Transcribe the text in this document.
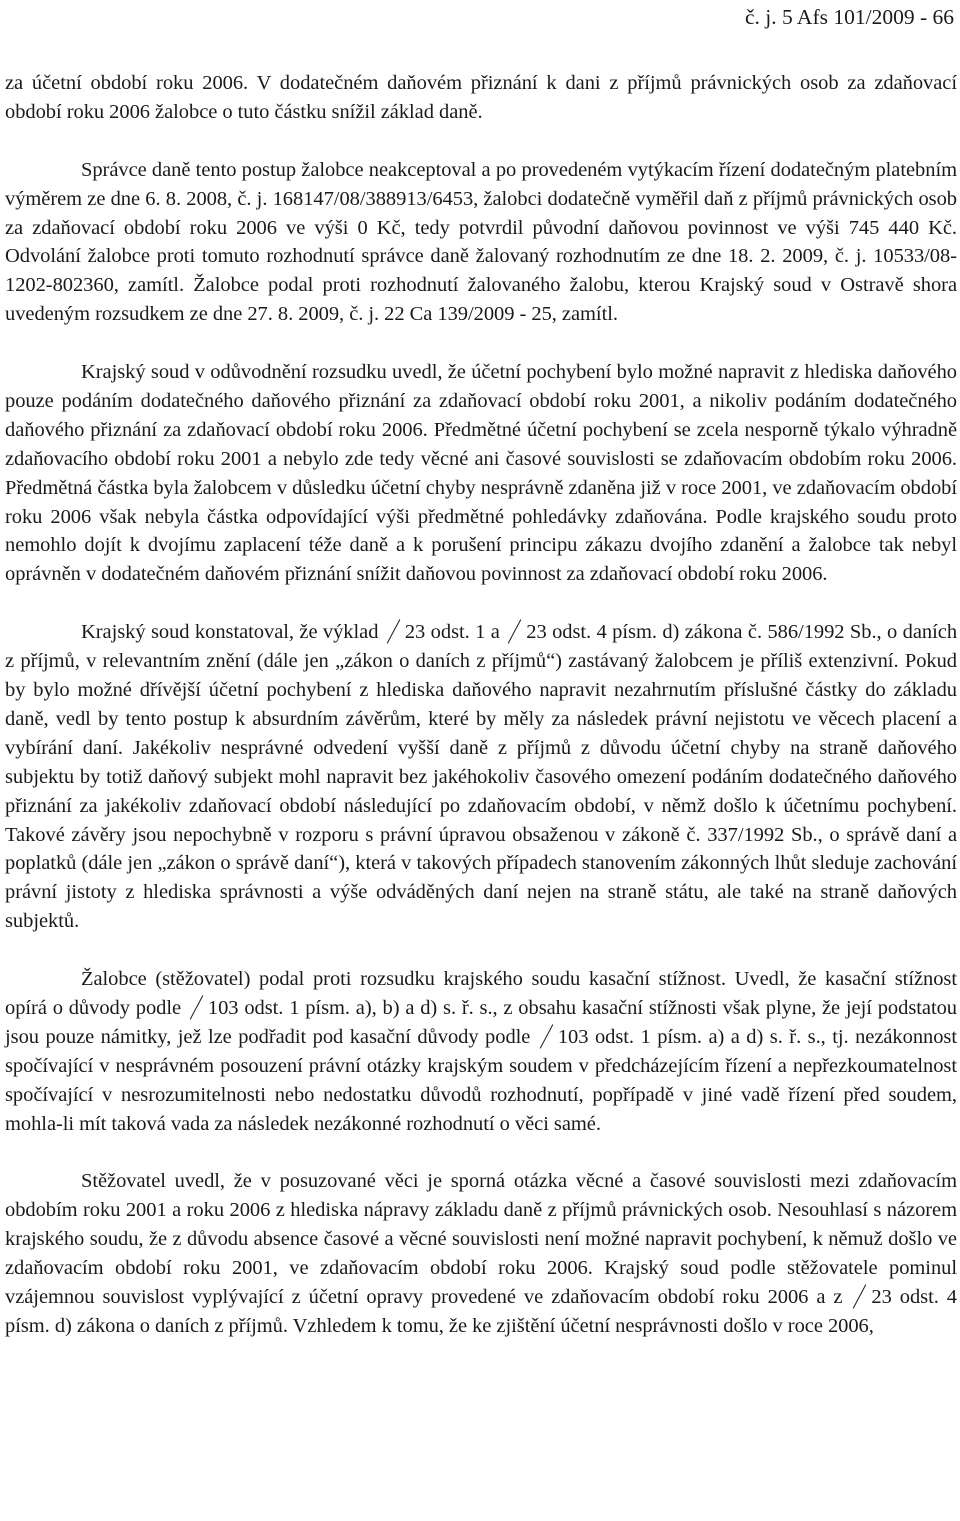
č. j. 5 Afs 101/2009 - 66

za účetní období roku 2006. V dodatečném daňovém přiznání k dani z příjmů právnických osob za zdaňovací období roku 2006 žalobce o tuto částku snížil základ daně.

Správce daně tento postup žalobce neakceptoval a po provedeném vytýkacím řízení dodatečným platebním výměrem ze dne 6. 8. 2008, č. j. 168147/08/388913/6453, žalobci dodatečně vyměřil daň z příjmů právnických osob za zdaňovací období roku 2006 ve výši 0 Kč, tedy potvrdil původní daňovou povinnost ve výši 745 440 Kč. Odvolání žalobce proti tomuto rozhodnutí správce daně žalovaný rozhodnutím ze dne 18. 2. 2009, č. j. 10533/08-1202-802360, zamítl. Žalobce podal proti rozhodnutí žalovaného žalobu, kterou Krajský soud v Ostravě shora uvedeným rozsudkem ze dne 27. 8. 2009, č. j. 22 Ca 139/2009 - 25, zamítl.

Krajský soud v odůvodnění rozsudku uvedl, že účetní pochybení bylo možné napravit z hlediska daňového pouze podáním dodatečného daňového přiznání za zdaňovací období roku 2001, a nikoliv podáním dodatečného daňového přiznání za zdaňovací období roku 2006. Předmětné účetní pochybení se zcela nesporně týkalo výhradně zdaňovacího období roku 2001 a nebylo zde tedy věcné ani časové souvislosti se zdaňovacím obdobím roku 2006. Předmětná částka byla žalobcem v důsledku účetní chyby nesprávně zdaněna již v roce 2001, ve zdaňovacím období roku 2006 však nebyla částka odpovídající výši předmětné pohledávky zdaňována. Podle krajského soudu proto nemohlo dojít k dvojímu zaplacení téže daně a k porušení principu zákazu dvojího zdanění a žalobce tak nebyl oprávněn v dodatečném daňovém přiznání snížit daňovou povinnost za zdaňovací období roku 2006.

Krajský soud konstatoval, že výklad 23 odst. 1 a 23 odst. 4 písm. d) zákona č. 586/1992 Sb., o daních z příjmů, v relevantním znění (dále jen „zákon o daních z příjmů“) zastávaný žalobcem je příliš extenzivní. Pokud by bylo možné dřívější účetní pochybení z hlediska daňového napravit nezahrnutím příslušné částky do základu daně, vedl by tento postup k absurdním závěrům, které by měly za následek právní nejistotu ve věcech placení a vybírání daní. Jakékoliv nesprávné odvedení vyšší daně z příjmů z důvodu účetní chyby na straně daňového subjektu by totiž daňový subjekt mohl napravit bez jakéhokoliv časového omezení podáním dodatečného daňového přiznání za jakékoliv zdaňovací období následující po zdaňovacím období, v němž došlo k účetnímu pochybení. Takové závěry jsou nepochybně v rozporu s právní úpravou obsaženou v zákoně č. 337/1992 Sb., o správě daní a poplatků (dále jen „zákon o správě daní“), která v takových případech stanovením zákonných lhůt sleduje zachování právní jistoty z hlediska správnosti a výše odváděných daní nejen na straně státu, ale také na straně daňových subjektů.

Žalobce (stěžovatel) podal proti rozsudku krajského soudu kasační stížnost. Uvedl, že kasační stížnost opírá o důvody podle 103 odst. 1 písm. a), b) a d) s. ř. s., z obsahu kasační stížnosti však plyne, že její podstatou jsou pouze námitky, jež lze podřadit pod kasační důvody podle 103 odst. 1 písm. a) a d) s. ř. s., tj. nezákonnost spočívající v nesprávném posouzení právní otázky krajským soudem v předcházejícím řízení a nepřezkoumatelnost spočívající v nesrozumitelnosti nebo nedostatku důvodů rozhodnutí, popřípadě v jiné vadě řízení před soudem, mohla-li mít taková vada za následek nezákonné rozhodnutí o věci samé.

Stěžovatel uvedl, že v posuzované věci je sporná otázka věcné a časové souvislosti mezi zdaňovacím obdobím roku 2001 a roku 2006 z hlediska nápravy základu daně z příjmů právnických osob. Nesouhlasí s názorem krajského soudu, že z důvodu absence časové a věcné souvislosti není možné napravit pochybení, k němuž došlo ve zdaňovacím období roku 2001, ve zdaňovacím období roku 2006. Krajský soud podle stěžovatele pominul vzájemnou souvislost vyplývající z účetní opravy provedené ve zdaňovacím období roku 2006 a z 23 odst. 4 písm. d) zákona o daních z příjmů. Vzhledem k tomu, že ke zjištění účetní nesprávnosti došlo v roce 2006,
